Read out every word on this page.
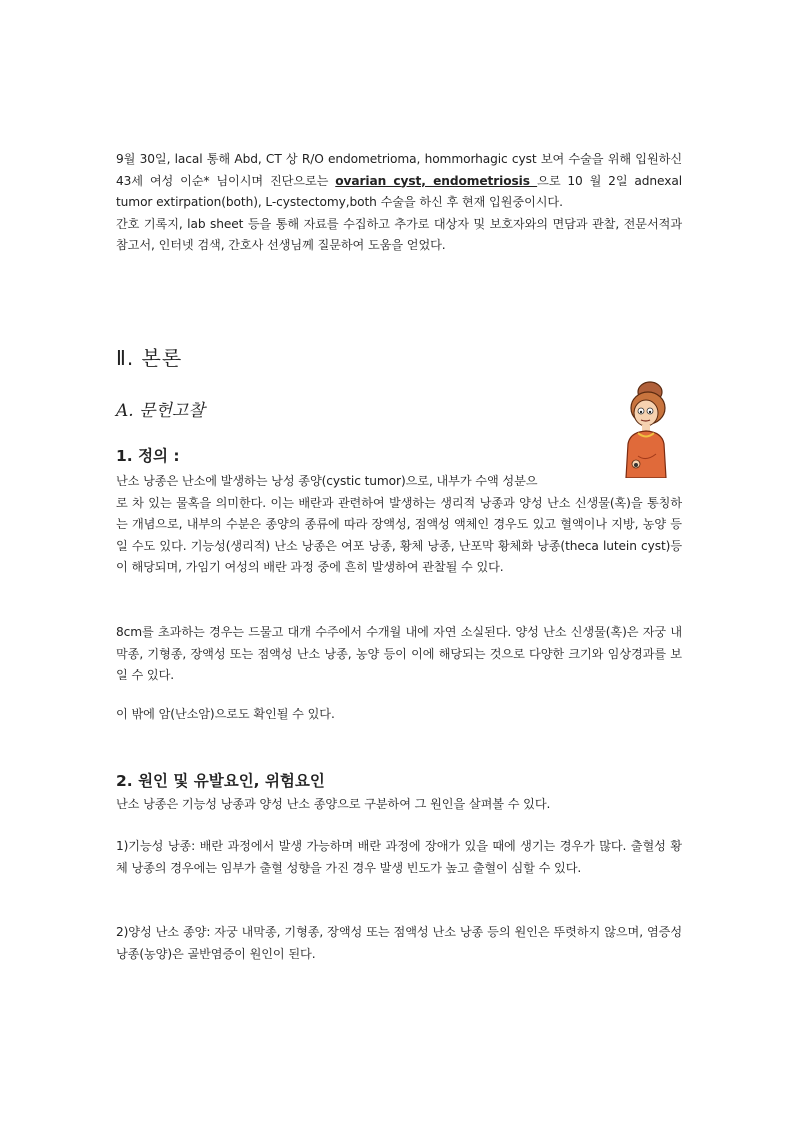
9월 30일, lacal 통해 Abd, CT 상 R/O endometrioma, hommorhagic cyst 보여 수술을 위해 입원하신 43세 여성 이순* 님이시며 진단으로는 ovarian cyst, endometriosis 으로 10 월 2일 adnexal tumor extirpation(both), L-cystectomy,both 수술을 하신 후 현재 입원중이시다.

간호 기록지, lab sheet 등을 통해 자료를 수집하고 추가로 대상자 및 보호자와의 면담과 관찰, 전문서적과 참고서, 인터넷 검색, 간호사 선생님께 질문하여 도움을 얻었다.

Ⅱ. 본론
A. 문헌고찰
1. 정의 :
난소 낭종은 난소에 발생하는 낭성 종양(cystic tumor)으로, 내부가 수액 성분으
로 차 있는 물혹을 의미한다. 이는 배란과 관련하여 발생하는 생리적 낭종과 양성 난소 신생물(혹)을 통칭하는 개념으로, 내부의 수분은 종양의 종류에 따라 장액성, 점액성 액체인 경우도 있고 혈액이나 지방, 농양 등일 수도 있다. 기능성(생리적) 난소 낭종은 여포 낭종, 황체 낭종, 난포막 황체화 낭종(theca lutein cyst)등이 해당되며, 가임기 여성의 배란 과정 중에 흔히 발생하여 관찰될 수 있다.
8cm를 초과하는 경우는 드물고 대개 수주에서 수개월 내에 자연 소실된다. 양성 난소 신생물(혹)은 자궁 내막종, 기형종, 장액성 또는 점액성 난소 낭종, 농양 등이 이에 해당되는 것으로 다양한 크기와 임상경과를 보일 수 있다.
이 밖에 암(난소암)으로도 확인될 수 있다.
2. 원인 및 유발요인, 위험요인
난소 낭종은 기능성 낭종과 양성 난소 종양으로 구분하여 그 원인을 살펴볼 수 있다.
1)기능성 낭종: 배란 과정에서 발생 가능하며 배란 과정에 장애가 있을 때에 생기는 경우가 많다. 출혈성 황체 낭종의 경우에는 임부가 출혈 성향을 가진 경우 발생 빈도가 높고 출혈이 심할 수 있다.
2)양성 난소 종양: 자궁 내막종, 기형종, 장액성 또는 점액성 난소 낭종 등의 원인은 뚜렷하지 않으며, 염증성 낭종(농양)은 골반염증이 원인이 된다.
